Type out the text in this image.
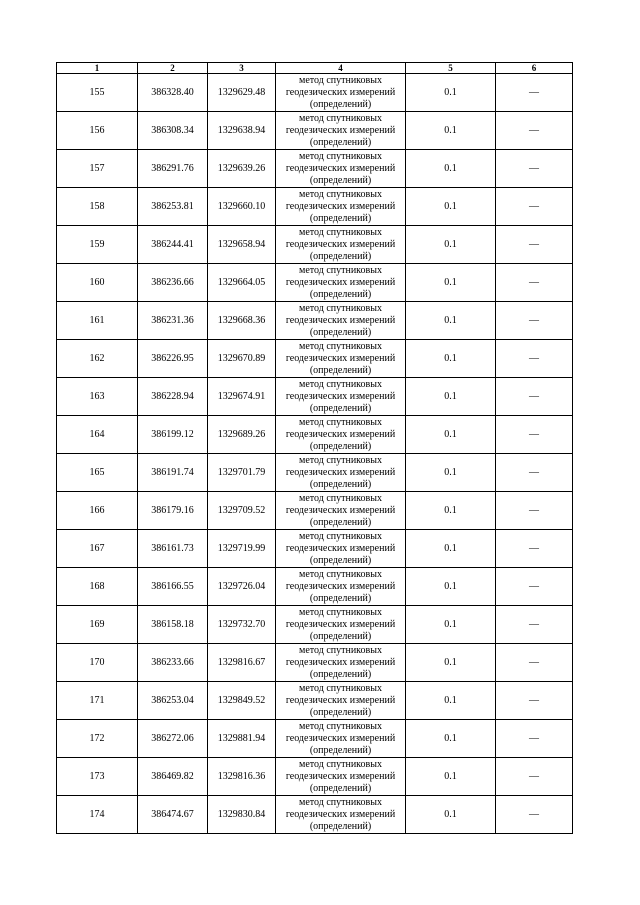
1	2	3	4	5	6
155	386328.40	1329629.48	метод спутниковых
геодезических измерений
(определений)	0.1	—
156	386308.34	1329638.94	метод спутниковых
геодезических измерений
(определений)	0.1	—
157	386291.76	1329639.26	метод спутниковых
геодезических измерений
(определений)	0.1	—
158	386253.81	1329660.10	метод спутниковых
геодезических измерений
(определений)	0.1	—
159	386244.41	1329658.94	метод спутниковых
геодезических измерений
(определений)	0.1	—
160	386236.66	1329664.05	метод спутниковых
геодезических измерений
(определений)	0.1	—
161	386231.36	1329668.36	метод спутниковых
геодезических измерений
(определений)	0.1	—
162	386226.95	1329670.89	метод спутниковых
геодезических измерений
(определений)	0.1	—
163	386228.94	1329674.91	метод спутниковых
геодезических измерений
(определений)	0.1	—
164	386199.12	1329689.26	метод спутниковых
геодезических измерений
(определений)	0.1	—
165	386191.74	1329701.79	метод спутниковых
геодезических измерений
(определений)	0.1	—
166	386179.16	1329709.52	метод спутниковых
геодезических измерений
(определений)	0.1	—
167	386161.73	1329719.99	метод спутниковых
геодезических измерений
(определений)	0.1	—
168	386166.55	1329726.04	метод спутниковых
геодезических измерений
(определений)	0.1	—
169	386158.18	1329732.70	метод спутниковых
геодезических измерений
(определений)	0.1	—
170	386233.66	1329816.67	метод спутниковых
геодезических измерений
(определений)	0.1	—
171	386253.04	1329849.52	метод спутниковых
геодезических измерений
(определений)	0.1	—
172	386272.06	1329881.94	метод спутниковых
геодезических измерений
(определений)	0.1	—
173	386469.82	1329816.36	метод спутниковых
геодезических измерений
(определений)	0.1	—
174	386474.67	1329830.84	метод спутниковых
геодезических измерений
(определений)	0.1	—
